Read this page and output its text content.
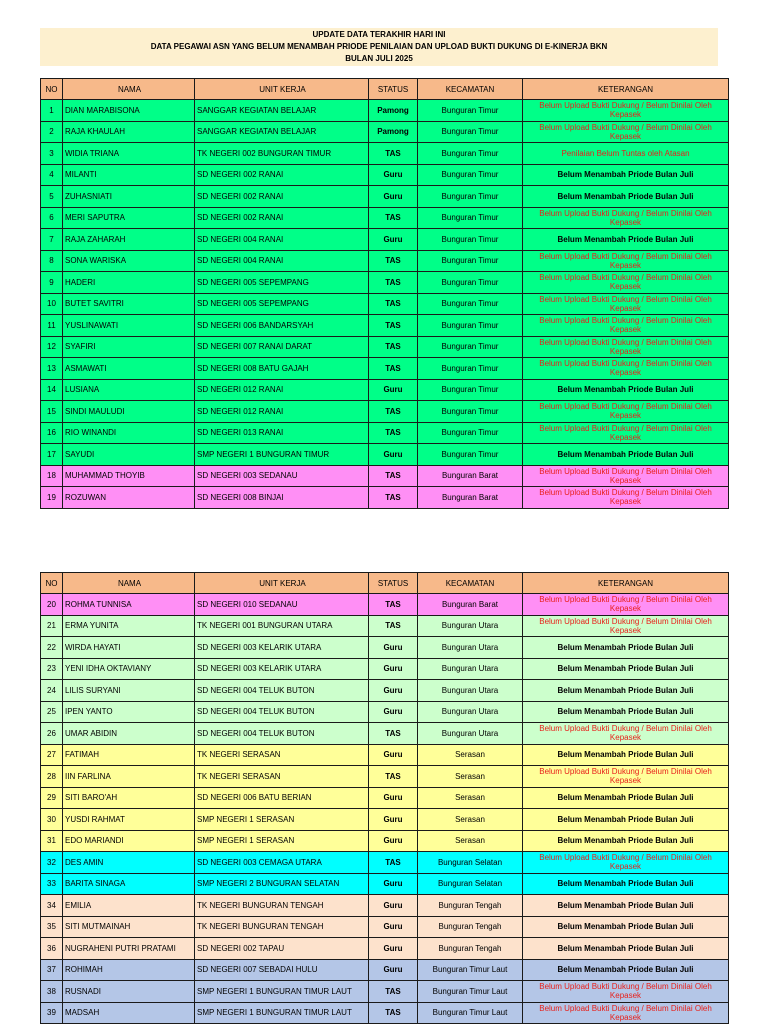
UPDATE DATA TERAKHIR HARI INI
DATA PEGAWAI ASN YANG BELUM MENAMBAH PRIODE PENILAIAN DAN UPLOAD BUKTI DUKUNG DI E-KINERJA BKN
BULAN JULI 2025
NO	NAMA	UNIT KERJA	STATUS	KECAMATAN	KETERANGAN
1	DIAN MARABISONA	SANGGAR KEGIATAN BELAJAR	Pamong	Bunguran Timur	Belum Upload Bukti Dukung / Belum Dinilai Oleh Kepasek

2	RAJA KHAULAH	SANGGAR KEGIATAN BELAJAR	Pamong	Bunguran Timur	Belum Upload Bukti Dukung / Belum Dinilai Oleh Kepasek

3	WIDIA TRIANA	TK NEGERI 002 BUNGURAN TIMUR	TAS	Bunguran Timur	Penilaian Belum Tuntas oleh Atasan

4	MILANTI	SD NEGERI 002 RANAI	Guru	Bunguran Timur	Belum Menambah Priode Bulan Juli
5	ZUHASNIATI	SD NEGERI 002 RANAI	Guru	Bunguran Timur	Belum Menambah Priode Bulan Juli
6	MERI SAPUTRA	SD NEGERI 002 RANAI	TAS	Bunguran Timur	Belum Upload Bukti Dukung / Belum Dinilai Oleh Kepasek

7	RAJA ZAHARAH	SD NEGERI 004 RANAI	Guru	Bunguran Timur	Belum Menambah Priode Bulan Juli
8	SONA WARISKA	SD NEGERI 004 RANAI	TAS	Bunguran Timur	Belum Upload Bukti Dukung / Belum Dinilai Oleh Kepasek

9	HADERI	SD NEGERI 005 SEPEMPANG	TAS	Bunguran Timur	Belum Upload Bukti Dukung / Belum Dinilai Oleh Kepasek

10	BUTET SAVITRI	SD NEGERI 005 SEPEMPANG	TAS	Bunguran Timur	Belum Upload Bukti Dukung / Belum Dinilai Oleh Kepasek

11	YUSLINAWATI	SD NEGERI 006 BANDARSYAH	TAS	Bunguran Timur	Belum Upload Bukti Dukung / Belum Dinilai Oleh Kepasek

12	SYAFIRI	SD NEGERI 007 RANAI DARAT	TAS	Bunguran Timur	Belum Upload Bukti Dukung / Belum Dinilai Oleh Kepasek

13	ASMAWATI	SD NEGERI 008 BATU GAJAH	TAS	Bunguran Timur	Belum Upload Bukti Dukung / Belum Dinilai Oleh Kepasek

14	LUSIANA	SD NEGERI 012 RANAI	Guru	Bunguran Timur	Belum Menambah Priode Bulan Juli
15	SINDI MAULUDI	SD NEGERI 012 RANAI	TAS	Bunguran Timur	Belum Upload Bukti Dukung / Belum Dinilai Oleh Kepasek

16	RIO WINANDI	SD NEGERI 013 RANAI	TAS	Bunguran Timur	Belum Upload Bukti Dukung / Belum Dinilai Oleh Kepasek

17	SAYUDI	SMP NEGERI 1 BUNGURAN TIMUR	Guru	Bunguran Timur	Belum Menambah Priode Bulan Juli
18	MUHAMMAD THOYIB	SD NEGERI 003 SEDANAU	TAS	Bunguran Barat	Belum Upload Bukti Dukung / Belum Dinilai Oleh Kepasek

19	ROZUWAN	SD NEGERI 008 BINJAI	TAS	Bunguran Barat	Belum Upload Bukti Dukung / Belum Dinilai Oleh Kepasek
NO	NAMA	UNIT KERJA	STATUS	KECAMATAN	KETERANGAN
20	ROHMA TUNNISA	SD NEGERI 010 SEDANAU	TAS	Bunguran Barat	Belum Upload Bukti Dukung / Belum Dinilai Oleh Kepasek

21	ERMA YUNITA	TK NEGERI 001 BUNGURAN UTARA	TAS	Bunguran Utara	Belum Upload Bukti Dukung / Belum Dinilai Oleh Kepasek

22	WIRDA HAYATI	SD NEGERI 003 KELARIK UTARA	Guru	Bunguran Utara	Belum Menambah Priode Bulan Juli
23	YENI IDHA OKTAVIANY	SD NEGERI 003 KELARIK UTARA	Guru	Bunguran Utara	Belum Menambah Priode Bulan Juli
24	LILIS SURYANI	SD NEGERI 004 TELUK BUTON	Guru	Bunguran Utara	Belum Menambah Priode Bulan Juli
25	IPEN YANTO	SD NEGERI 004 TELUK BUTON	Guru	Bunguran Utara	Belum Menambah Priode Bulan Juli
26	UMAR ABIDIN	SD NEGERI 004 TELUK BUTON	TAS	Bunguran Utara	Belum Upload Bukti Dukung / Belum Dinilai Oleh Kepasek

27	FATIMAH	TK NEGERI SERASAN	Guru	Serasan	Belum Menambah Priode Bulan Juli
28	IIN FARLINA	TK NEGERI SERASAN	TAS	Serasan	Belum Upload Bukti Dukung / Belum Dinilai Oleh Kepasek

29	SITI BARO'AH	SD NEGERI 006 BATU BERIAN	Guru	Serasan	Belum Menambah Priode Bulan Juli
30	YUSDI RAHMAT	SMP NEGERI 1 SERASAN	Guru	Serasan	Belum Menambah Priode Bulan Juli
31	EDO MARIANDI	SMP NEGERI 1 SERASAN	Guru	Serasan	Belum Menambah Priode Bulan Juli
32	DES AMIN	SD NEGERI 003 CEMAGA UTARA	TAS	Bunguran Selatan	Belum Upload Bukti Dukung / Belum Dinilai Oleh Kepasek

33	BARITA SINAGA	SMP NEGERI 2 BUNGURAN SELATAN	Guru	Bunguran Selatan	Belum Menambah Priode Bulan Juli
34	EMILIA	TK NEGERI BUNGURAN TENGAH	Guru	Bunguran Tengah	Belum Menambah Priode Bulan Juli
35	SITI MUTMAINAH	TK NEGERI BUNGURAN TENGAH	Guru	Bunguran Tengah	Belum Menambah Priode Bulan Juli
36	NUGRAHENI PUTRI PRATAMI	SD NEGERI 002 TAPAU	Guru	Bunguran Tengah	Belum Menambah Priode Bulan Juli
37	ROHIMAH	SD NEGERI 007 SEBADAI HULU	Guru	Bunguran Timur Laut	Belum Menambah Priode Bulan Juli
38	RUSNADI	SMP NEGERI 1 BUNGURAN TIMUR LAUT	TAS	Bunguran Timur Laut	Belum Upload Bukti Dukung / Belum Dinilai Oleh Kepasek

39	MADSAH	SMP NEGERI 1 BUNGURAN TIMUR LAUT	TAS	Bunguran Timur Laut	Belum Upload Bukti Dukung / Belum Dinilai Oleh Kepasek
